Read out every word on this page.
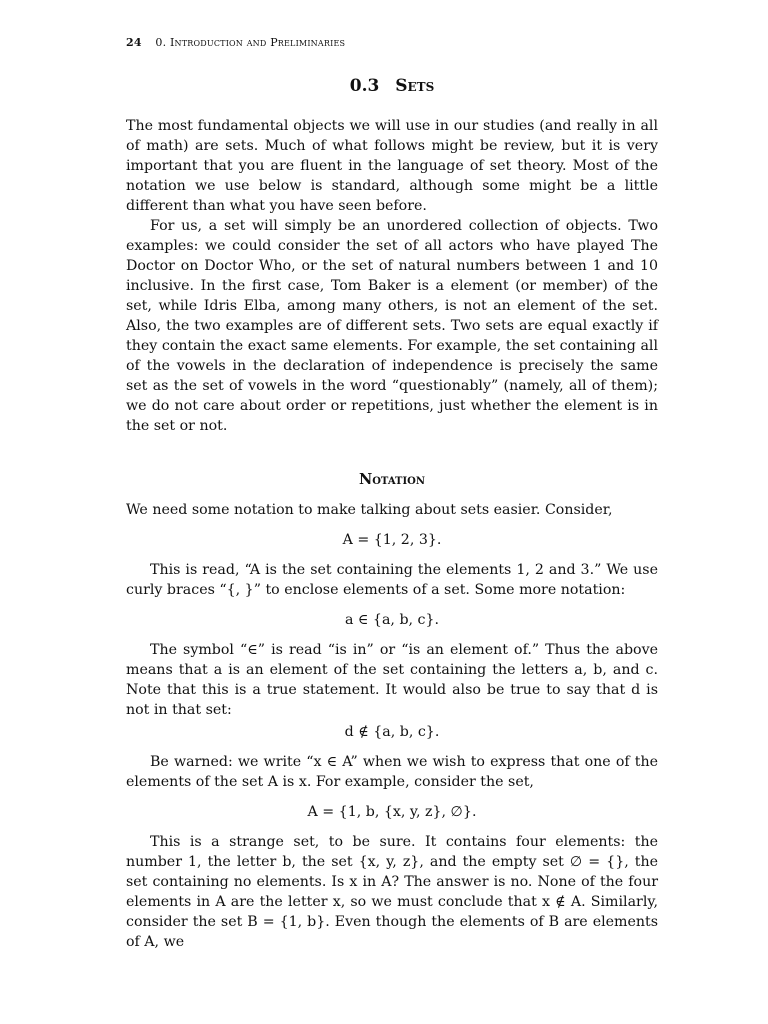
24 0. Introduction and Preliminaries
0.3 Sets

The most fundamental objects we will use in our studies (and really in all of math) are sets. Much of what follows might be review, but it is very important that you are fluent in the language of set theory. Most of the notation we use below is standard, although some might be a little different than what you have seen before.

For us, a set will simply be an unordered collection of objects. Two examples: we could consider the set of all actors who have played The Doctor on Doctor Who, or the set of natural numbers between 1 and 10 inclusive. In the first case, Tom Baker is a element (or member) of the set, while Idris Elba, among many others, is not an element of the set. Also, the two examples are of different sets. Two sets are equal exactly if they contain the exact same elements. For example, the set containing all of the vowels in the declaration of independence is precisely the same set as the set of vowels in the word “questionably” (namely, all of them); we do not care about order or repetitions, just whether the element is in the set or not.

Notation

We need some notation to make talking about sets easier. Consider,

A = {1, 2, 3}.

This is read, “A is the set containing the elements 1, 2 and 3.” We use curly braces “{, }” to enclose elements of a set. Some more notation:

a ∈ {a, b, c}.

The symbol “∈” is read “is in” or “is an element of.” Thus the above means that a is an element of the set containing the letters a, b, and c. Note that this is a true statement. It would also be true to say that d is not in that set:

d ∉ {a, b, c}.

Be warned: we write “x ∈ A” when we wish to express that one of the elements of the set A is x. For example, consider the set,

A = {1, b, {x, y, z}, ∅}.

This is a strange set, to be sure. It contains four elements: the number 1, the letter b, the set {x, y, z}, and the empty set ∅ = {}, the set containing no elements. Is x in A? The answer is no. None of the four elements in A are the letter x, so we must conclude that x ∉ A. Similarly, consider the set B = {1, b}. Even though the elements of B are elements of A, we
